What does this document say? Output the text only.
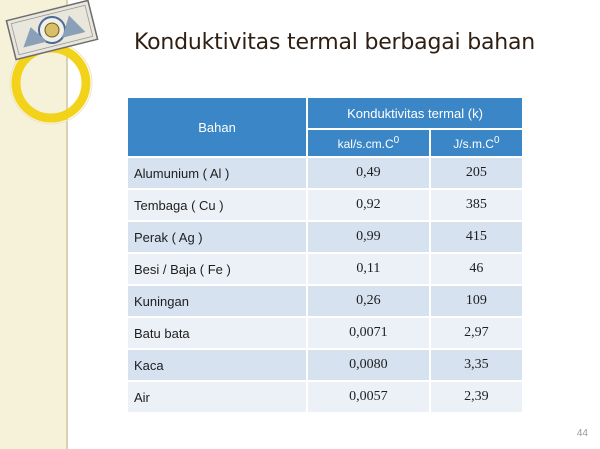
Konduktivitas termal berbagai bahan
Bahan	Konduktivitas termal (k)	
	kal/$s.cm.C^0$	$J/s.m.C^0$
Alumunium ( Al )	0,49	205
Tembaga ( Cu )	0,92	385
Perak ( Ag )	0,99	415
Besi / Baja ( Fe )	0,11	46
Kuningan	0,26	109
Batu bata	0,0071	2,97
Kaca	0,0080	3,35
Air	0,0057	2,39
44
